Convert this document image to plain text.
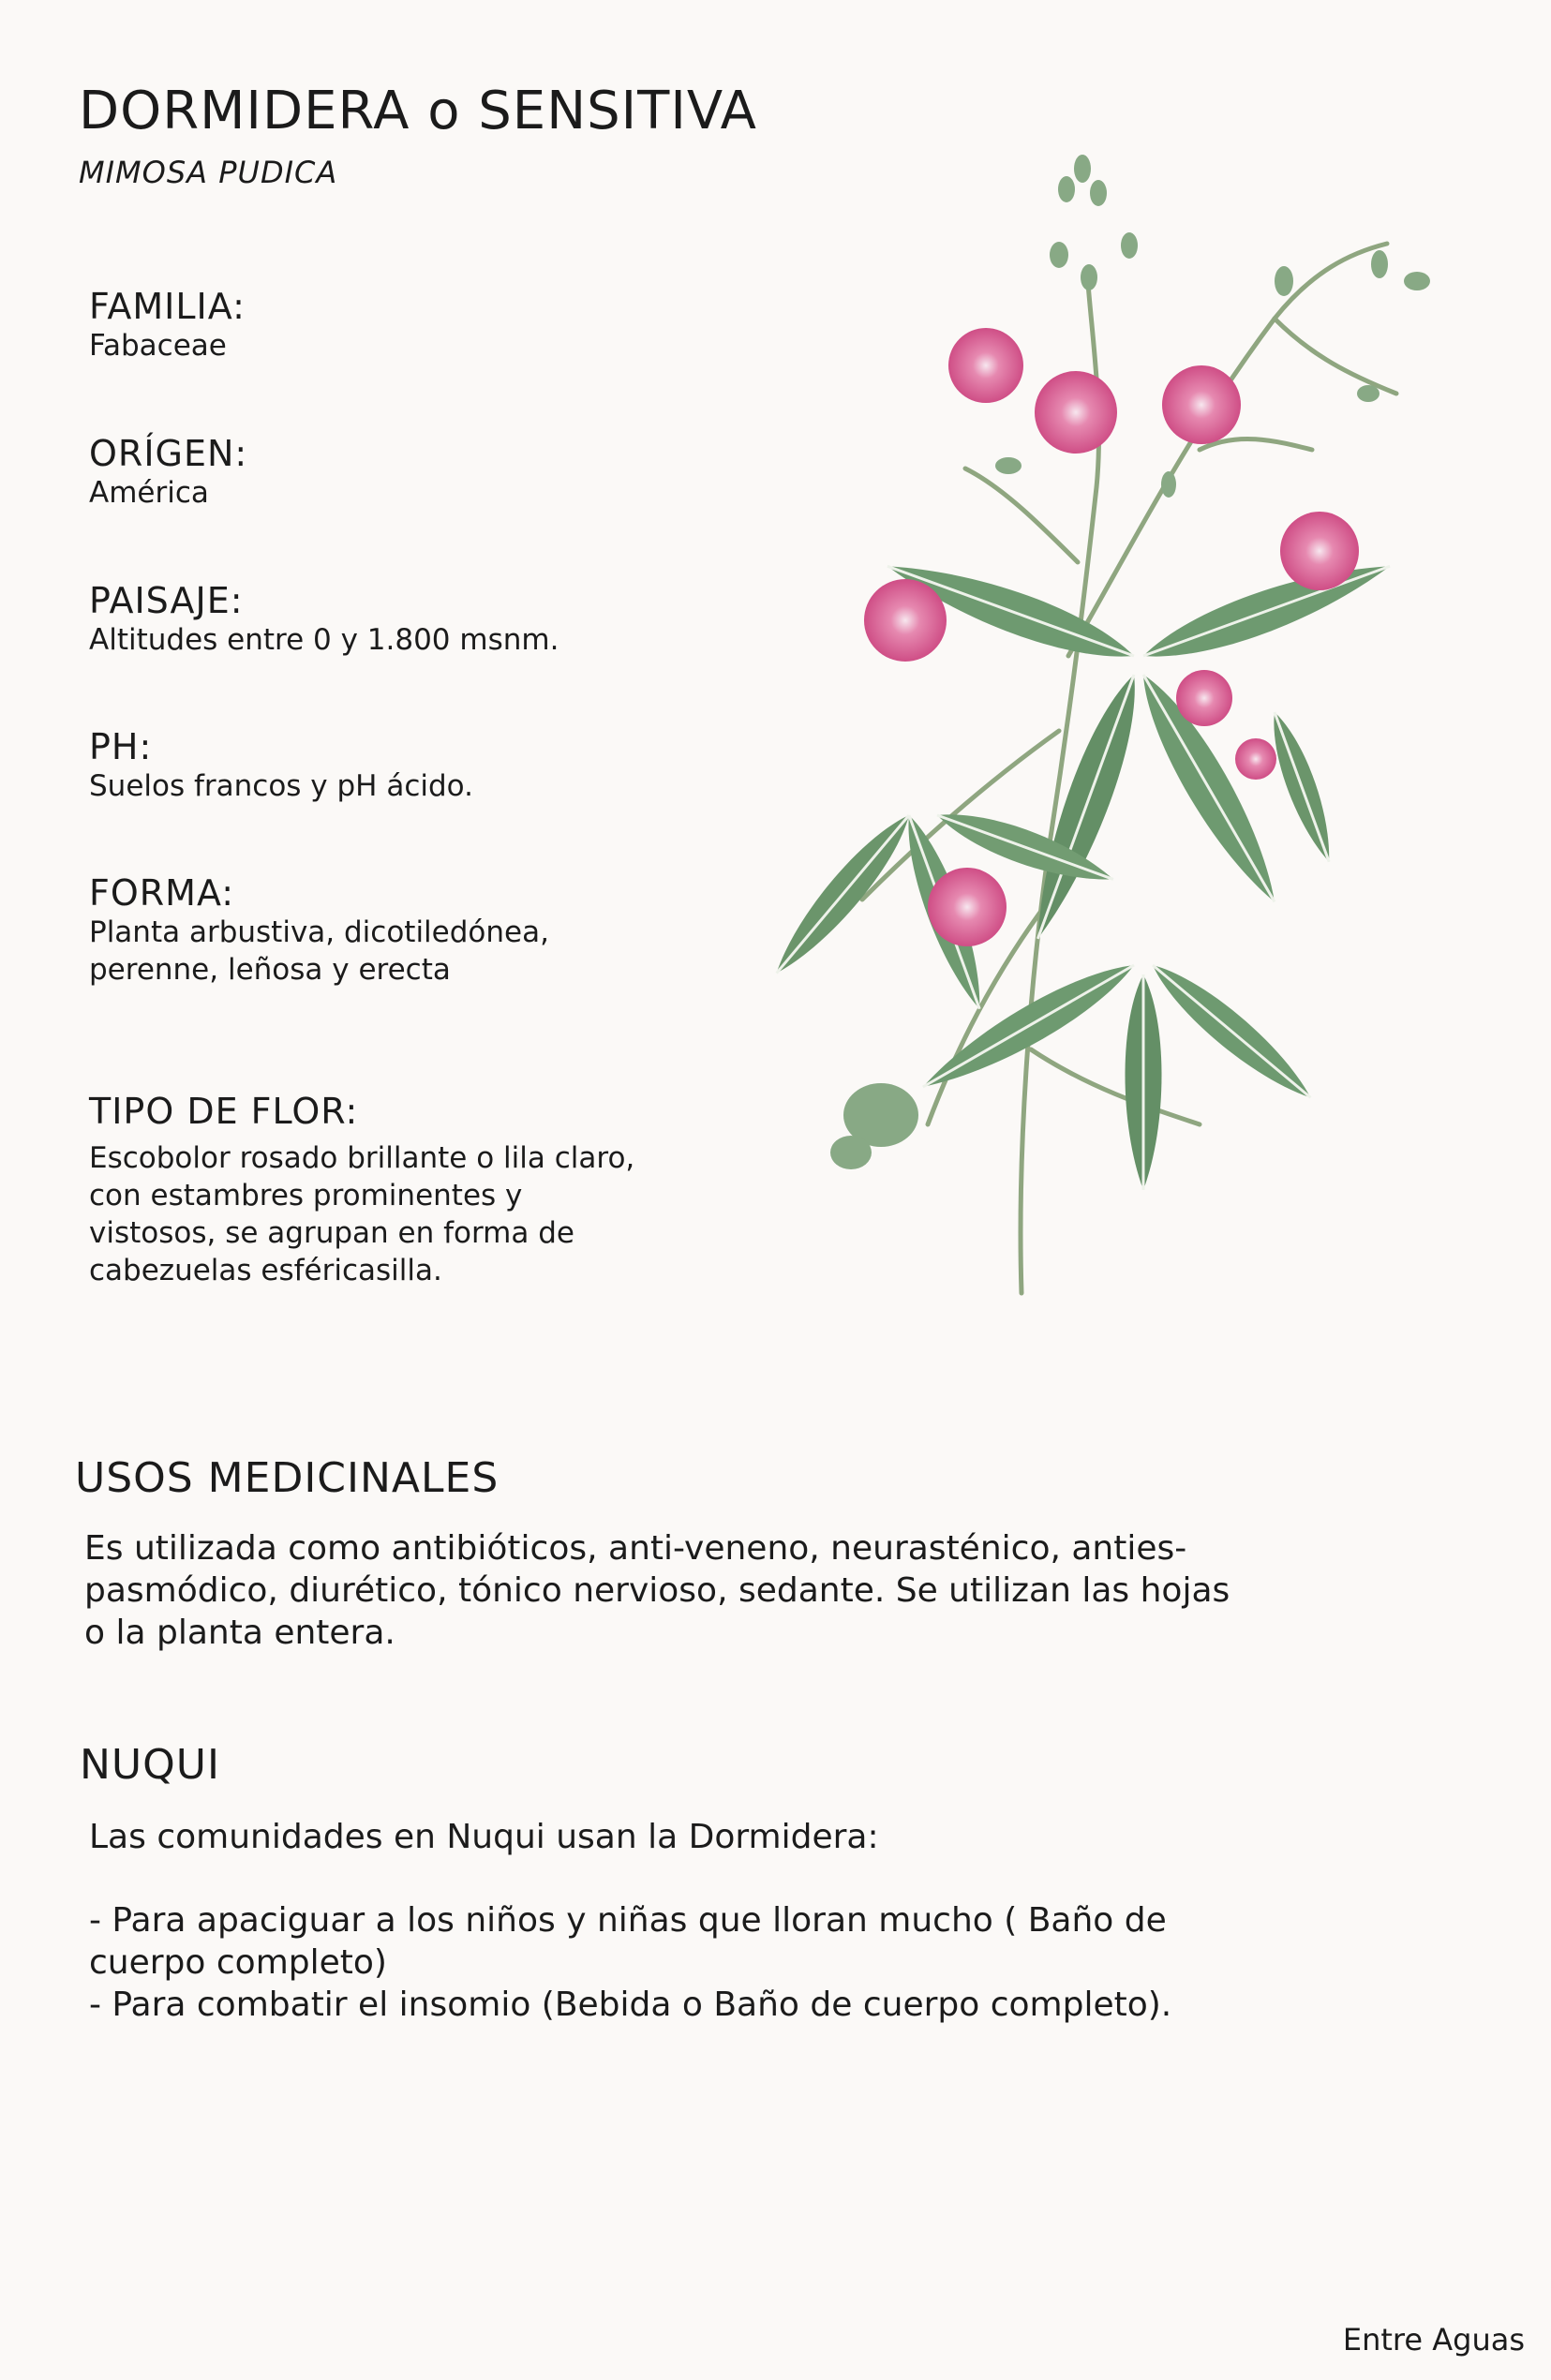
DORMIDERA o SENSITIVA
MIMOSA PUDICA
FAMILIA:
Fabaceae
ORÍGEN:
América
PAISAJE:
Altitudes entre 0 y 1.800 msnm.
PH:
Suelos francos y pH ácido.
FORMA:
Planta arbustiva, dicotiledónea,
perenne, leñosa y erecta
TIPO DE FLOR:
Escobolor rosado brillante o lila claro,
con estambres prominentes y
vistosos, se agrupan en forma de
cabezuelas esféricasilla.
USOS MEDICINALES
Es utilizada como antibióticos, anti-veneno, neurasténico, anties-
pasmódico, diurético, tónico nervioso, sedante. Se utilizan las hojas
o la planta entera.
NUQUI
Las comunidades en Nuqui usan la Dormidera:
- Para apaciguar a los niños y niñas que lloran mucho ( Baño de
cuerpo completo)
- Para combatir el insomio (Bebida o Baño de cuerpo completo).
Entre Aguas
